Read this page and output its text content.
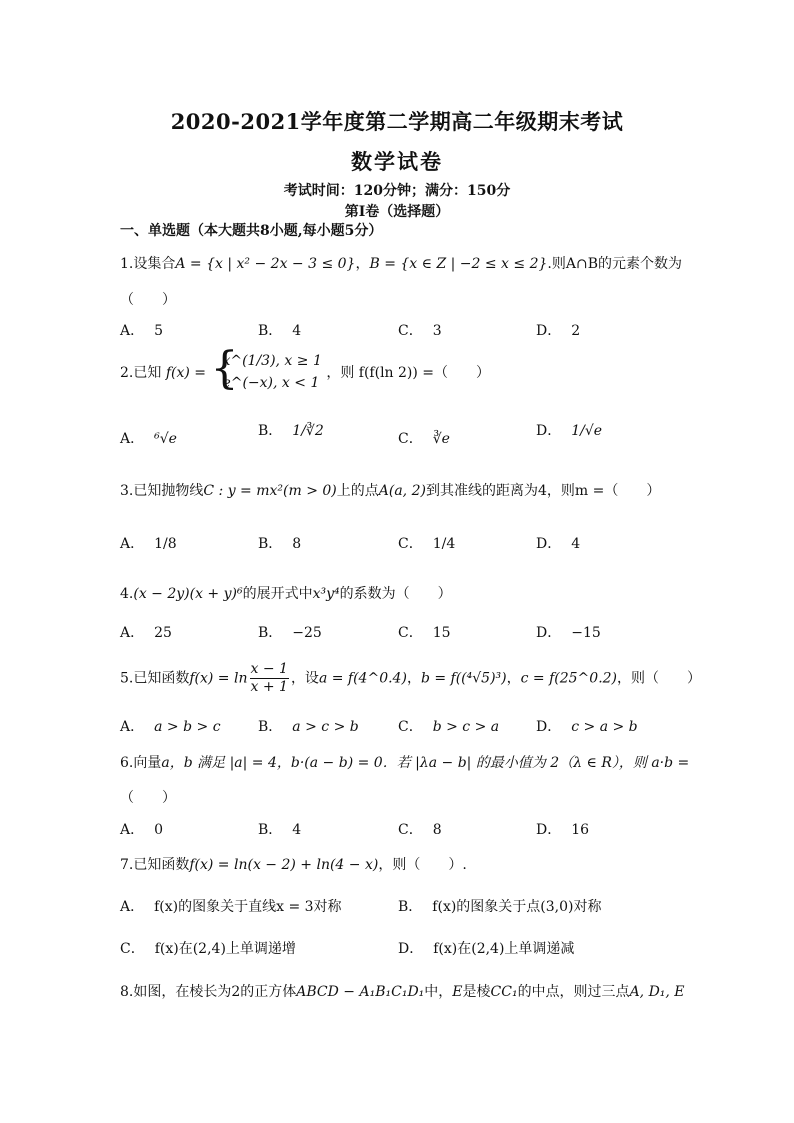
2020-2021学年度第二学期高二年级期末考试
数学试卷
考试时间：120分钟；满分：150分
第I卷（选择题）
一、单选题（本大题共8小题,每小题5分）
1.设集合A = {x | x² − 2x − 3 ≤ 0}，B = {x ∈ Z | −2 ≤ x ≤ 2}.则A∩B的元素个数为
（　　）
A． 5	B． 4	C． 3	D． 2
2.已知 f(x) = {
x^(1/3), x ≥ 1
e^(−x), x < 1
，则 f(f(ln 2)) =（　　）
A． ⁶√e	B． 1/∛2	C． ∛e	D． 1/√e
3.已知抛物线C : y = mx²(m > 0)上的点A(a, 2)到其准线的距离为4，则m =（　　）
A． 1/8	B． 8	C． 1/4	D． 4
4.(x − 2y)(x + y)⁶的展开式中x³y⁴的系数为（　　）
A． 25	B． −25	C． 15	D． −15
5.已知函数$f(x) = \ln \frac{x - 1}{x + 1}$ ，设a = f(4^0.4)，b = f((⁴√5)³)，c = f(25^0.2)，则（　　）
A． a > b > c	B． a > c > b	C． b > c > a	D． c > a > b
6.向量a，b 满足 |a| = 4，b·(a − b) = 0．若 |λa − b| 的最小值为 2（λ ∈ R），则 a·b =
（　　）
A． 0	B． 4	C． 8	D． 16
7.已知函数f(x) = ln(x − 2) + ln(4 − x)，则（　　）.
A． f(x)的图象关于直线x = 3对称	B． f(x)的图象关于点(3,0)对称
C． f(x)在(2,4)上单调递增	D． f(x)在(2,4)上单调递减
8.如图，在棱长为2的正方体ABCD − A₁B₁C₁D₁中，E是棱CC₁的中点，则过三点A, D₁, E
